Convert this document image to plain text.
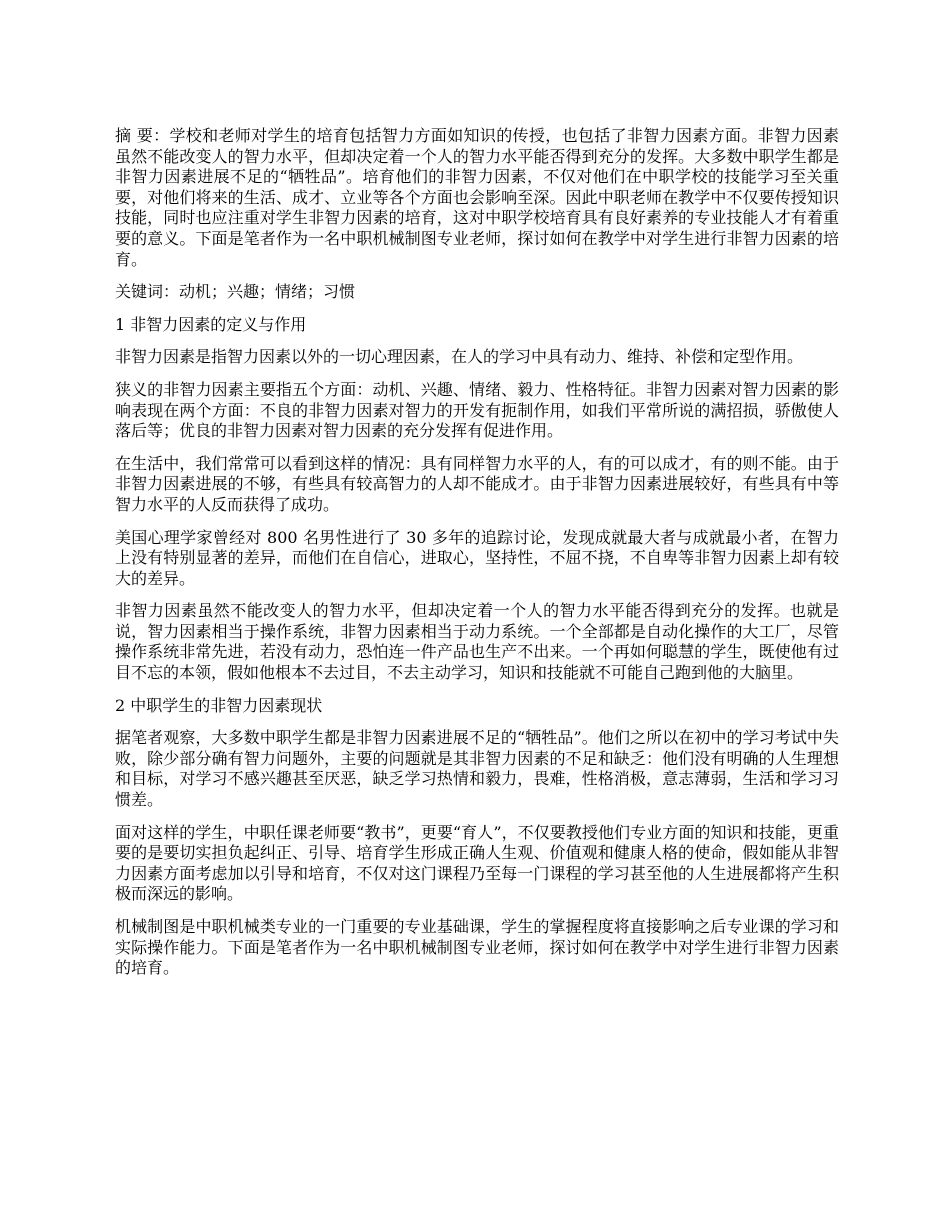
摘 要：学校和老师对学生的培育包括智力方面如知识的传授，也包括了非智力因素方面。非智力因素虽然不能改变人的智力水平，但却决定着一个人的智力水平能否得到充分的发挥。大多数中职学生都是非智力因素进展不足的“牺牲品”。培育他们的非智力因素，不仅对他们在中职学校的技能学习至关重要，对他们将来的生活、成才、立业等各个方面也会影响至深。因此中职老师在教学中不仅要传授知识技能，同时也应注重对学生非智力因素的培育，这对中职学校培育具有良好素养的专业技能人才有着重要的意义。下面是笔者作为一名中职机械制图专业老师，探讨如何在教学中对学生进行非智力因素的培育。

关键词：动机；兴趣；情绪；习惯

1 非智力因素的定义与作用

非智力因素是指智力因素以外的一切心理因素，在人的学习中具有动力、维持、补偿和定型作用。

狭义的非智力因素主要指五个方面：动机、兴趣、情绪、毅力、性格特征。非智力因素对智力因素的影响表现在两个方面：不良的非智力因素对智力的开发有扼制作用，如我们平常所说的满招损，骄傲使人落后等；优良的非智力因素对智力因素的充分发挥有促进作用。

在生活中，我们常常可以看到这样的情况：具有同样智力水平的人，有的可以成才，有的则不能。由于非智力因素进展的不够，有些具有较高智力的人却不能成才。由于非智力因素进展较好，有些具有中等智力水平的人反而获得了成功。

美国心理学家曾经对 800 名男性进行了 30 多年的追踪讨论，发现成就最大者与成就最小者，在智力上没有特别显著的差异，而他们在自信心，进取心，坚持性，不屈不挠，不自卑等非智力因素上却有较大的差异。

非智力因素虽然不能改变人的智力水平，但却决定着一个人的智力水平能否得到充分的发挥。也就是说，智力因素相当于操作系统，非智力因素相当于动力系统。一个全部都是自动化操作的大工厂，尽管操作系统非常先进，若没有动力，恐怕连一件产品也生产不出来。一个再如何聪慧的学生，既使他有过目不忘的本领，假如他根本不去过目，不去主动学习，知识和技能就不可能自己跑到他的大脑里。

2 中职学生的非智力因素现状

据笔者观察，大多数中职学生都是非智力因素进展不足的“牺牲品”。他们之所以在初中的学习考试中失败，除少部分确有智力问题外，主要的问题就是其非智力因素的不足和缺乏：他们没有明确的人生理想和目标，对学习不感兴趣甚至厌恶，缺乏学习热情和毅力，畏难，性格消极，意志薄弱，生活和学习习惯差。

面对这样的学生，中职任课老师要“教书”，更要“育人”，不仅要教授他们专业方面的知识和技能，更重要的是要切实担负起纠正、引导、培育学生形成正确人生观、价值观和健康人格的使命，假如能从非智力因素方面考虑加以引导和培育，不仅对这门课程乃至每一门课程的学习甚至他的人生进展都将产生积极而深远的影响。

机械制图是中职机械类专业的一门重要的专业基础课，学生的掌握程度将直接影响之后专业课的学习和实际操作能力。下面是笔者作为一名中职机械制图专业老师，探讨如何在教学中对学生进行非智力因素的培育。
